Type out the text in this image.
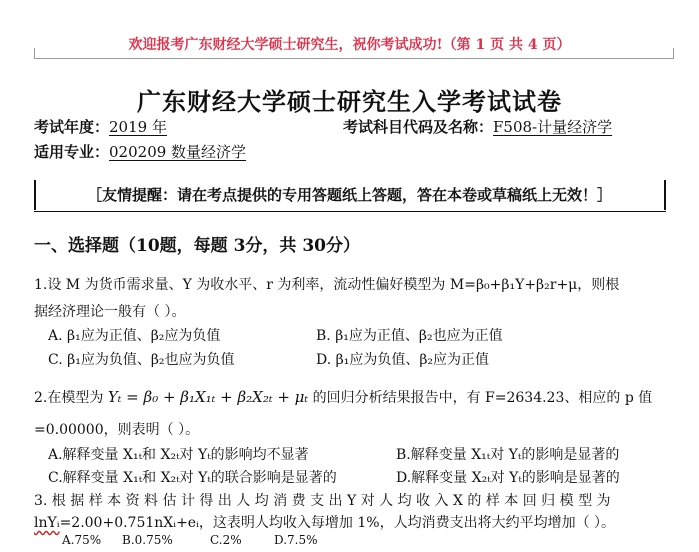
欢迎报考广东财经大学硕士研究生，祝你考试成功!（第 1 页 共 4 页）
广东财经大学硕士研究生入学考试试卷
考试年度：2019 年	考试科目代码及名称：F508-计量经济学
适用专业：020209 数量经济学
［友情提醒：请在考点提供的专用答题纸上答题，答在本卷或草稿纸上无效！］
一、选择题（10题，每题 3分，共 30分）
1.设 M 为货币需求量、Y 为收水平、r 为利率，流动性偏好模型为 M=β₀+β₁Y+β₂r+μ，则根
据经济理论一般有（ ）。
A. β₁应为正值、β₂应为负值	B. β₁应为正值、β₂也应为正值
C. β₁应为负值、β₂也应为负值	D. β₁应为负值、β₂应为正值
2.在模型为 Yₜ = β₀ + β₁X₁ₜ + β₂X₂ₜ + μₜ 的回归分析结果报告中，有 F=2634.23、相应的 p 值
=0.00000，则表明（ ）。
A.解释变量 X₁ₜ和 X₂ₜ对 Yₜ的影响均不显著	B.解释变量 X₁ₜ对 Yₜ的影响是显著的
C.解释变量 X₁ₜ和 X₂ₜ对 Yₜ的联合影响是显著的	D.解释变量 X₂ₜ对 Yₜ的影响是显著的
3. 根 据 样 本 资 料 估 计 得 出 人 均 消 费 支 出 Y 对 人 均 收 入 X 的 样 本 回 归 模 型 为
lnYᵢ=2.00+0.751nXᵢ+eᵢ，这表明人均收入每增加 1%，人均消费支出将大约平均增加（ ）。
A.75% B.0.75%	C.2%	D.7.5%
